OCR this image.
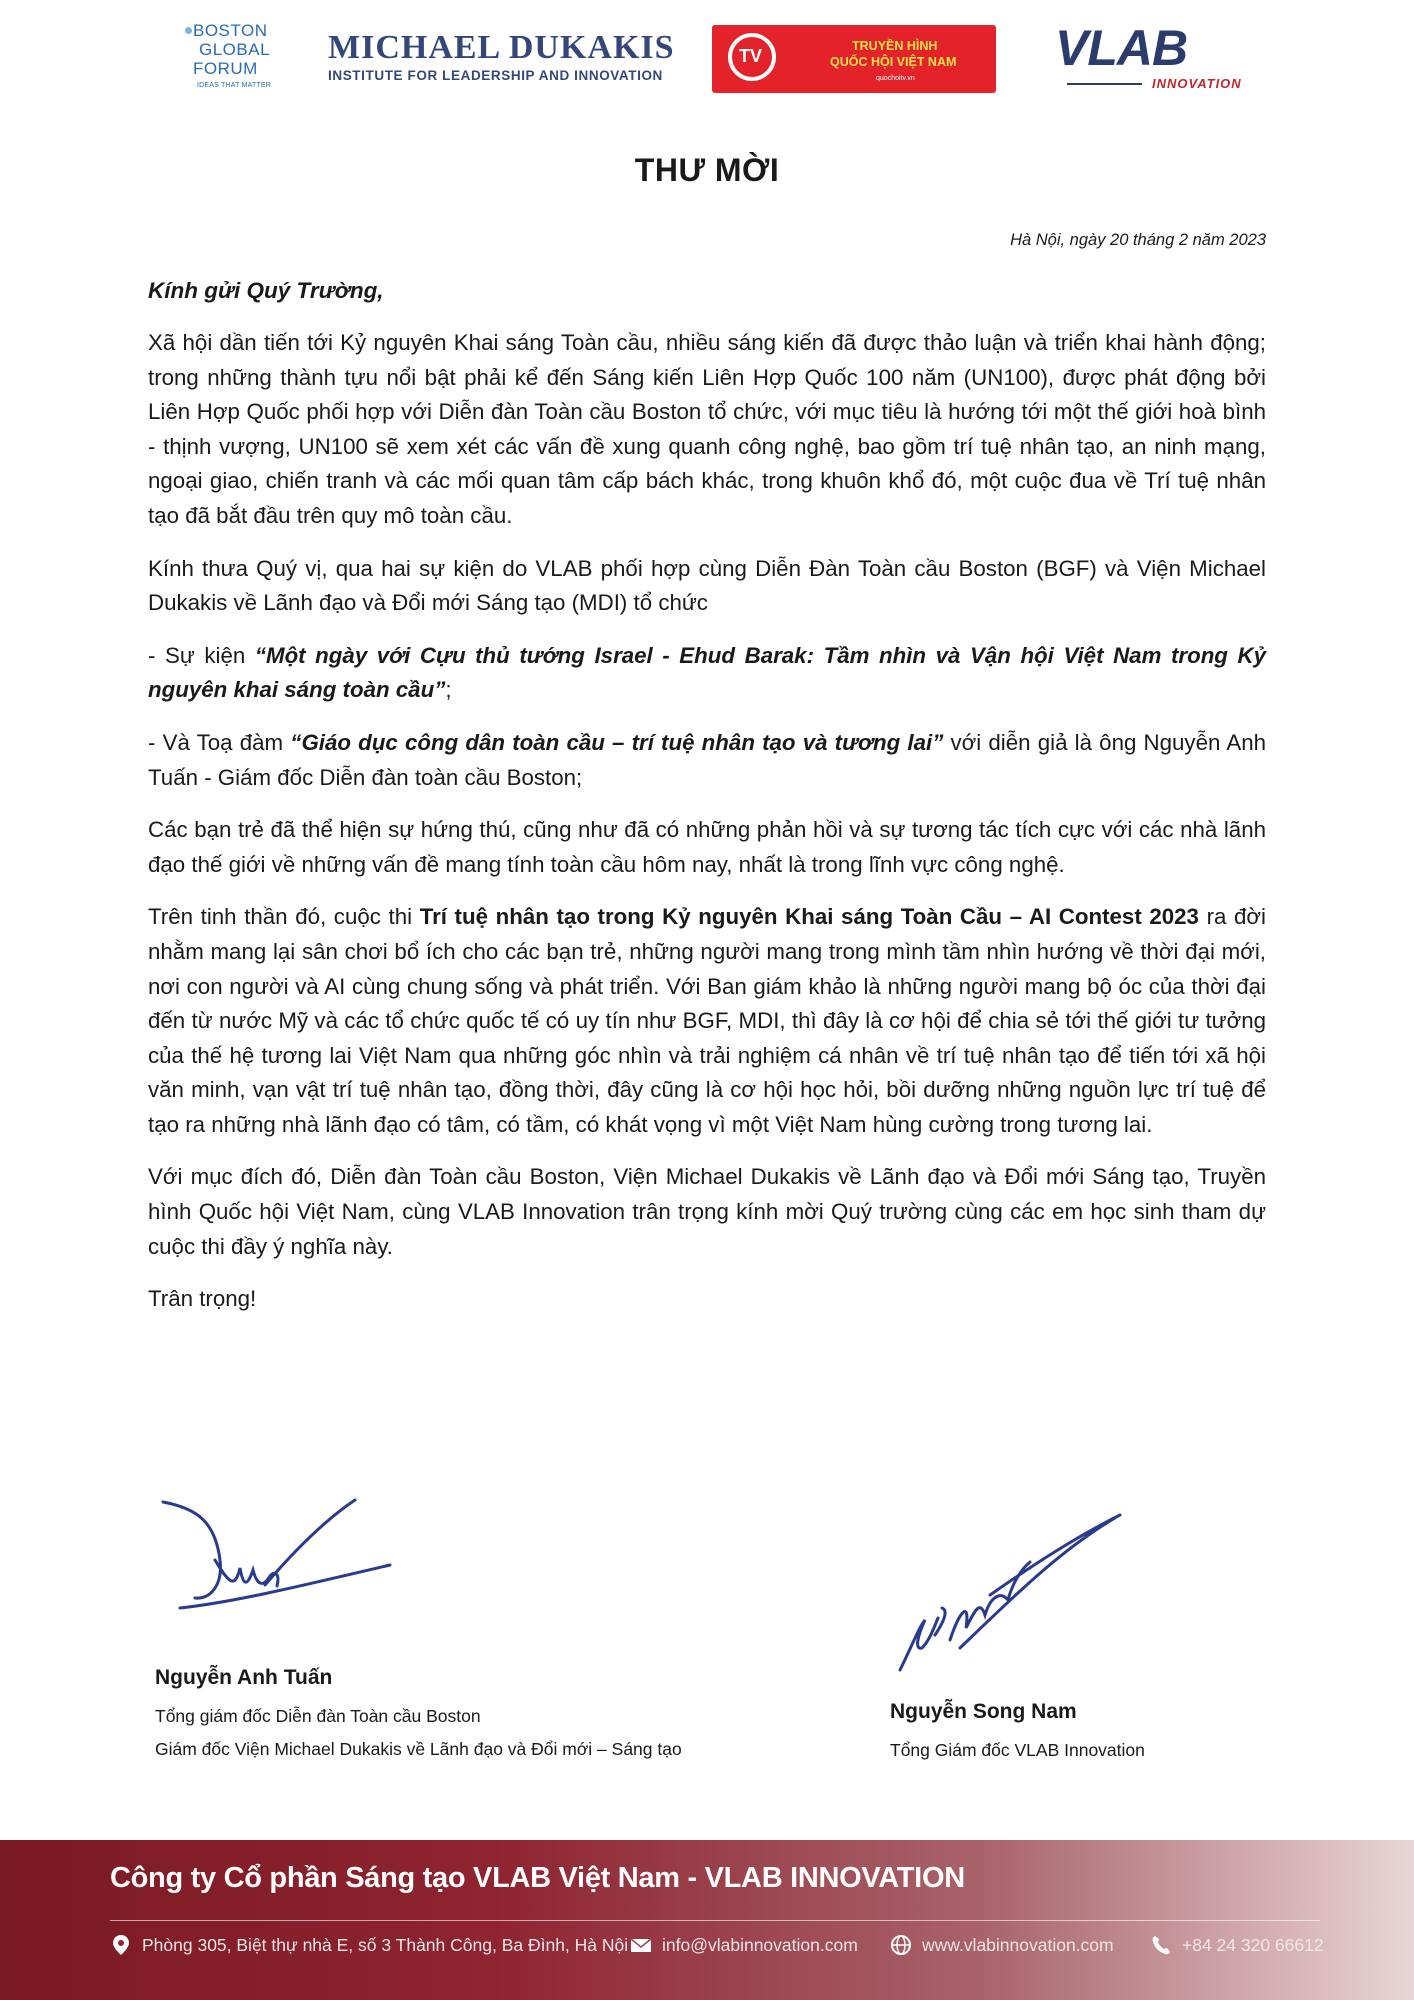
BOSTON
GLOBAL
FORUM
IDEAS THAT MATTER
MICHAEL DUKAKIS
INSTITUTE FOR LEADERSHIP AND INNOVATION
TV	TRUYỀN HÌNH
QUỐC HỘI VIỆT NAM
quochoitv.vn
VLAB
INNOVATION
THƯ MỜI
Hà Nội, ngày 20 tháng 2 năm 2023
Kính gửi Quý Trường,

Xã hội dần tiến tới Kỷ nguyên Khai sáng Toàn cầu, nhiều sáng kiến đã được thảo luận và triển khai hành động; trong những thành tựu nổi bật phải kể đến Sáng kiến Liên Hợp Quốc 100 năm (UN100), được phát động bởi Liên Hợp Quốc phối hợp với Diễn đàn Toàn cầu Boston tổ chức, với mục tiêu là hướng tới một thế giới hoà bình - thịnh vượng, UN100 sẽ xem xét các vấn đề xung quanh công nghệ, bao gồm trí tuệ nhân tạo, an ninh mạng, ngoại giao, chiến tranh và các mối quan tâm cấp bách khác, trong khuôn khổ đó, một cuộc đua về Trí tuệ nhân tạo đã bắt đầu trên quy mô toàn cầu.

Kính thưa Quý vị, qua hai sự kiện do VLAB phối hợp cùng Diễn Đàn Toàn cầu Boston (BGF) và Viện Michael Dukakis về Lãnh đạo và Đổi mới Sáng tạo (MDI) tổ chức

- Sự kiện “Một ngày với Cựu thủ tướng Israel - Ehud Barak: Tầm nhìn và Vận hội Việt Nam trong Kỷ nguyên khai sáng toàn cầu”;

- Và Toạ đàm “Giáo dục công dân toàn cầu – trí tuệ nhân tạo và tương lai” với diễn giả là ông Nguyễn Anh Tuấn - Giám đốc Diễn đàn toàn cầu Boston;

Các bạn trẻ đã thể hiện sự hứng thú, cũng như đã có những phản hồi và sự tương tác tích cực với các nhà lãnh đạo thế giới về những vấn đề mang tính toàn cầu hôm nay, nhất là trong lĩnh vực công nghệ.

Trên tinh thần đó, cuộc thi Trí tuệ nhân tạo trong Kỷ nguyên Khai sáng Toàn Cầu – AI Contest 2023 ra đời nhằm mang lại sân chơi bổ ích cho các bạn trẻ, những người mang trong mình tầm nhìn hướng về thời đại mới, nơi con người và AI cùng chung sống và phát triển. Với Ban giám khảo là những người mang bộ óc của thời đại đến từ nước Mỹ và các tổ chức quốc tế có uy tín như BGF, MDI, thì đây là cơ hội để chia sẻ tới thế giới tư tưởng của thế hệ tương lai Việt Nam qua những góc nhìn và trải nghiệm cá nhân về trí tuệ nhân tạo để tiến tới xã hội văn minh, vạn vật trí tuệ nhân tạo, đồng thời, đây cũng là cơ hội học hỏi, bồi dưỡng những nguồn lực trí tuệ để tạo ra những nhà lãnh đạo có tâm, có tầm, có khát vọng vì một Việt Nam hùng cường trong tương lai.

Với mục đích đó, Diễn đàn Toàn cầu Boston, Viện Michael Dukakis về Lãnh đạo và Đổi mới Sáng tạo, Truyền hình Quốc hội Việt Nam, cùng VLAB Innovation trân trọng kính mời Quý trường cùng các em học sinh tham dự cuộc thi đầy ý nghĩa này.

Trân trọng!

Nguyễn Anh Tuấn
Tổng giám đốc Diễn đàn Toàn cầu Boston
Giám đốc Viện Michael Dukakis về Lãnh đạo và Đổi mới – Sáng tạo
Nguyễn Song Nam
Tổng Giám đốc VLAB Innovation
Công ty Cổ phần Sáng tạo VLAB Việt Nam - VLAB INNOVATION
Phòng 305, Biệt thự nhà E, số 3 Thành Công, Ba Đình, Hà Nội info@vlabinnovation.com	www.vlabinnovation.com	+84 24 320 66612
